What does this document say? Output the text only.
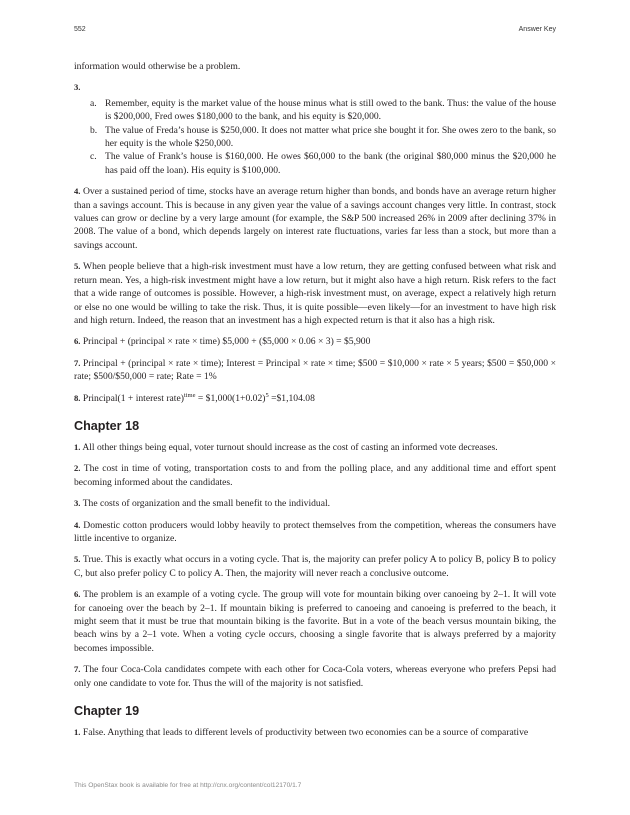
552	Answer Key

information would otherwise be a problem.

3.

a. Remember, equity is the market value of the house minus what is still owed to the bank. Thus: the value of the house is $200,000, Fred owes $180,000 to the bank, and his equity is $20,000.
b. The value of Freda’s house is $250,000. It does not matter what price she bought it for. She owes zero to the bank, so her equity is the whole $250,000.
c. The value of Frank’s house is $160,000. He owes $60,000 to the bank (the original $80,000 minus the $20,000 he has paid off the loan). His equity is $100,000.

4. Over a sustained period of time, stocks have an average return higher than bonds, and bonds have an average return higher than a savings account. This is because in any given year the value of a savings account changes very little. In contrast, stock values can grow or decline by a very large amount (for example, the S&P 500 increased 26% in 2009 after declining 37% in 2008. The value of a bond, which depends largely on interest rate fluctuations, varies far less than a stock, but more than a savings account.

5. When people believe that a high-risk investment must have a low return, they are getting confused between what risk and return mean. Yes, a high-risk investment might have a low return, but it might also have a high return. Risk refers to the fact that a wide range of outcomes is possible. However, a high-risk investment must, on average, expect a relatively high return or else no one would be willing to take the risk. Thus, it is quite possible—even likely—for an investment to have high risk and high return. Indeed, the reason that an investment has a high expected return is that it also has a high risk.

6. Principal + (principal × rate × time) $5,000 + ($5,000 × 0.06 × 3) = $5,900

7. Principal + (principal × rate × time); Interest = Principal × rate × time; $500 = $10,000 × rate × 5 years; $500 = $50,000 × rate; $500/$50,000 = rate; Rate = 1%

8. Principal(1 + interest rate)$^{time}$ = $\$1,000(1+0.02)^5$ =$1,104.08

Chapter 18

1. All other things being equal, voter turnout should increase as the cost of casting an informed vote decreases.

2. The cost in time of voting, transportation costs to and from the polling place, and any additional time and effort spent becoming informed about the candidates.

3. The costs of organization and the small benefit to the individual.

4. Domestic cotton producers would lobby heavily to protect themselves from the competition, whereas the consumers have little incentive to organize.

5. True. This is exactly what occurs in a voting cycle. That is, the majority can prefer policy A to policy B, policy B to policy C, but also prefer policy C to policy A. Then, the majority will never reach a conclusive outcome.

6. The problem is an example of a voting cycle. The group will vote for mountain biking over canoeing by 2–1. It will vote for canoeing over the beach by 2–1. If mountain biking is preferred to canoeing and canoeing is preferred to the beach, it might seem that it must be true that mountain biking is the favorite. But in a vote of the beach versus mountain biking, the beach wins by a 2–1 vote. When a voting cycle occurs, choosing a single favorite that is always preferred by a majority becomes impossible.

7. The four Coca-Cola candidates compete with each other for Coca-Cola voters, whereas everyone who prefers Pepsi had only one candidate to vote for. Thus the will of the majority is not satisfied.

Chapter 19

1. False. Anything that leads to different levels of productivity between two economies can be a source of comparative

This OpenStax book is available for free at http://cnx.org/content/col12170/1.7
